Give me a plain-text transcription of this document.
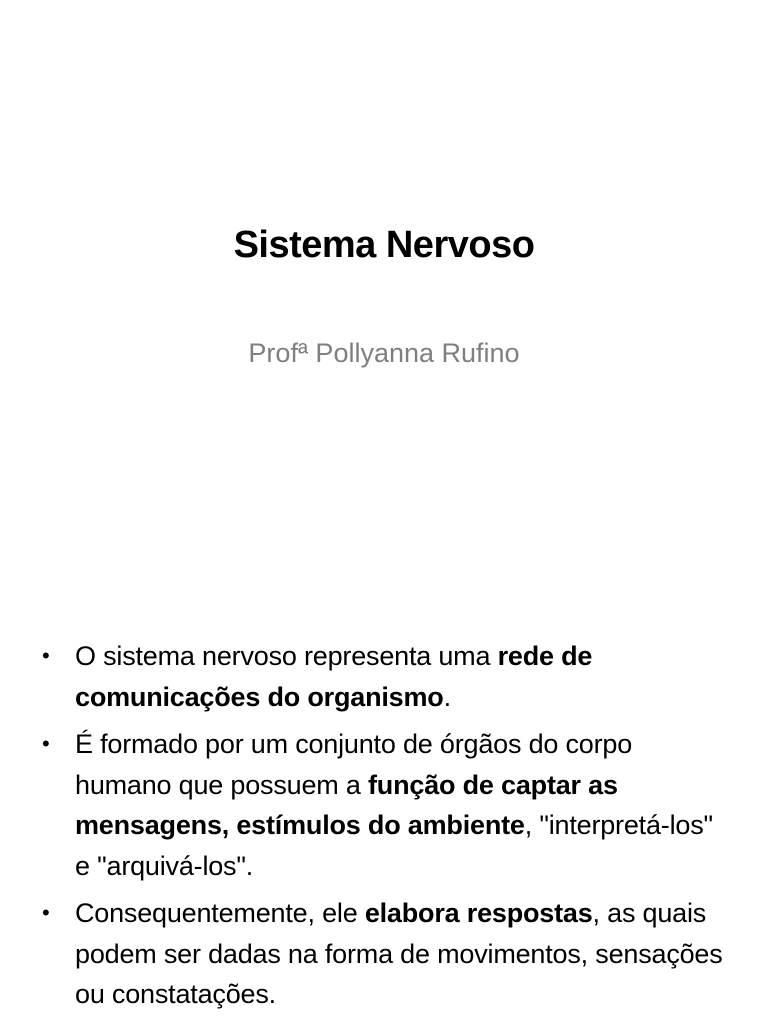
Sistema Nervoso

Profª Pollyanna Rufino

• O sistema nervoso representa uma rede de comunicações do organismo.
• É formado por um conjunto de órgãos do corpo humano que possuem a função de captar as mensagens, estímulos do ambiente, "interpretá-los" e "arquivá-los".
• Consequentemente, ele elabora respostas, as quais podem ser dadas na forma de movimentos, sensações ou constatações.
